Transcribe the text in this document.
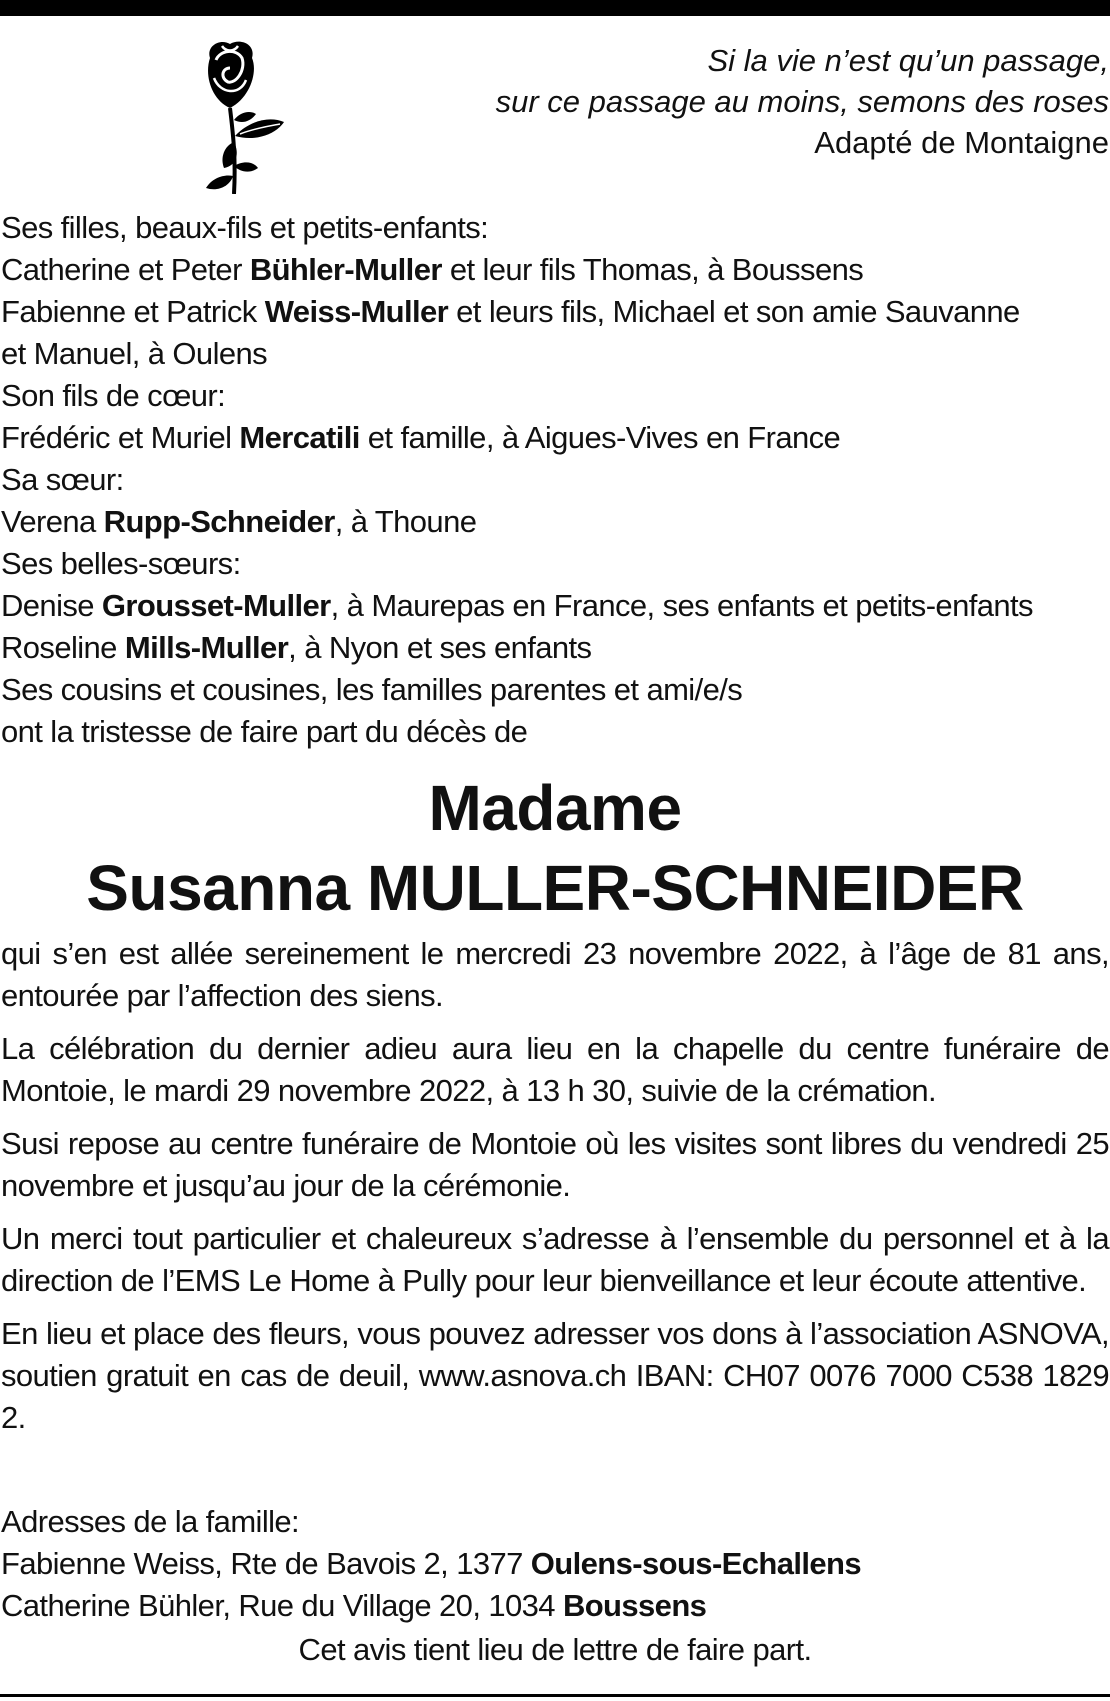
Si la vie n’est qu’un passage,
sur ce passage au moins, semons des roses
Adapté de Montaigne
Ses filles, beaux-fils et petits-enfants:
Catherine et Peter Bühler-Muller et leur fils Thomas, à Boussens
Fabienne et Patrick Weiss-Muller et leurs fils, Michael et son amie Sauvanne
et Manuel, à Oulens
Son fils de cœur:
Frédéric et Muriel Mercatili et famille, à Aigues-Vives en France
Sa sœur:
Verena Rupp-Schneider, à Thoune
Ses belles-sœurs:
Denise Grousset-Muller, à Maurepas en France, ses enfants et petits-enfants
Roseline Mills-Muller, à Nyon et ses enfants
Ses cousins et cousines, les familles parentes et ami/e/s
ont la tristesse de faire part du décès de
Madame
Susanna MULLER-SCHNEIDER
qui s’en est allée sereinement le mercredi 23 novembre 2022, à l’âge de 81 ans, entourée par l’affection des siens.
La célébration du dernier adieu aura lieu en la chapelle du centre funéraire de Montoie, le mardi 29 novembre 2022, à 13 h 30, suivie de la crémation.
Susi repose au centre funéraire de Montoie où les visites sont libres du vendredi 25 novembre et jusqu’au jour de la cérémonie.
Un merci tout particulier et chaleureux s’adresse à l’ensemble du personnel et à la direction de l’EMS Le Home à Pully pour leur bienveillance et leur écoute attentive.
En lieu et place des fleurs, vous pouvez adresser vos dons à l’association ASNOVA, soutien gratuit en cas de deuil, www.asnova.ch IBAN: CH07 0076 7000 C538 1829 2.
Adresses de la famille:
Fabienne Weiss, Rte de Bavois 2, 1377 Oulens-sous-Echallens
Catherine Bühler, Rue du Village 20, 1034 Boussens
Cet avis tient lieu de lettre de faire part.
